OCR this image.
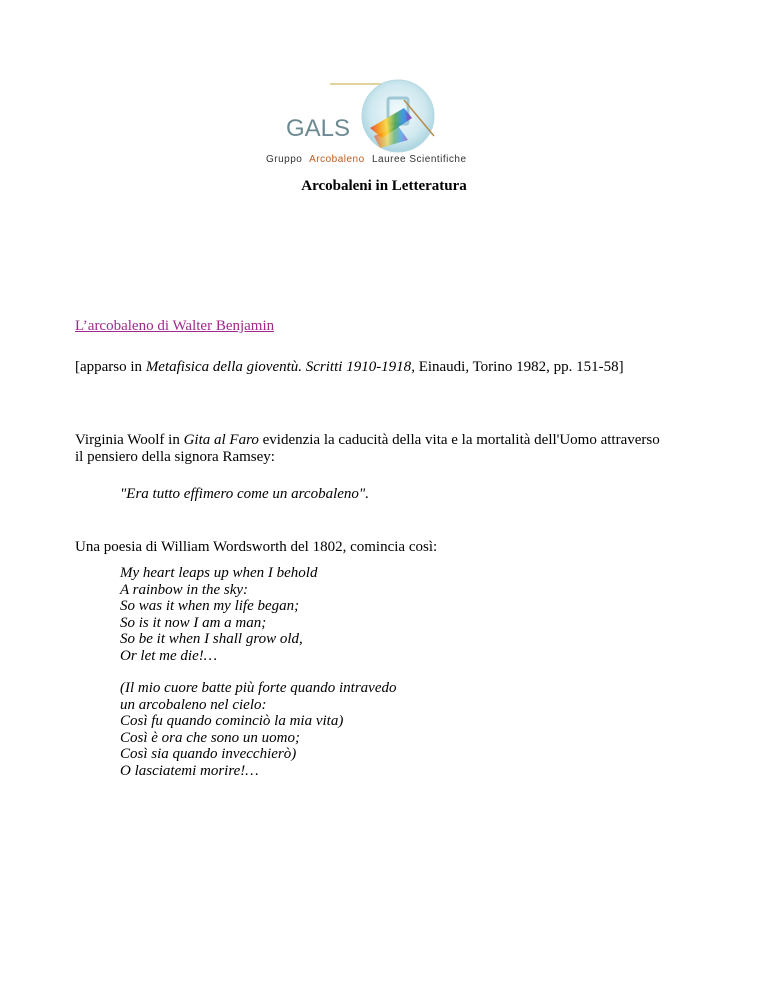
GALS
Gruppo Arcobaleno Lauree Scientifiche
Arcobaleni in Letteratura
L’arcobaleno di Walter Benjamin
[apparso in Metafisica della gioventù. Scritti 1910-1918, Einaudi, Torino 1982, pp. 151-58]
Virginia Woolf in Gita al Faro evidenzia la caducità della vita e la mortalità dell'Uomo attraverso
il pensiero della signora Ramsey:
"Era tutto effimero come un arcobaleno".
Una poesia di William Wordsworth del 1802, comincia così:
My heart leaps up when I behold
A rainbow in the sky:
So was it when my life began;
So is it now I am a man;
So be it when I shall grow old,
Or let me die!…
(Il mio cuore batte più forte quando intravedo
un arcobaleno nel cielo:
Così fu quando cominciò la mia vita)
Così è ora che sono un uomo;
Così sia quando invecchierò)
O lasciatemi morire!…
